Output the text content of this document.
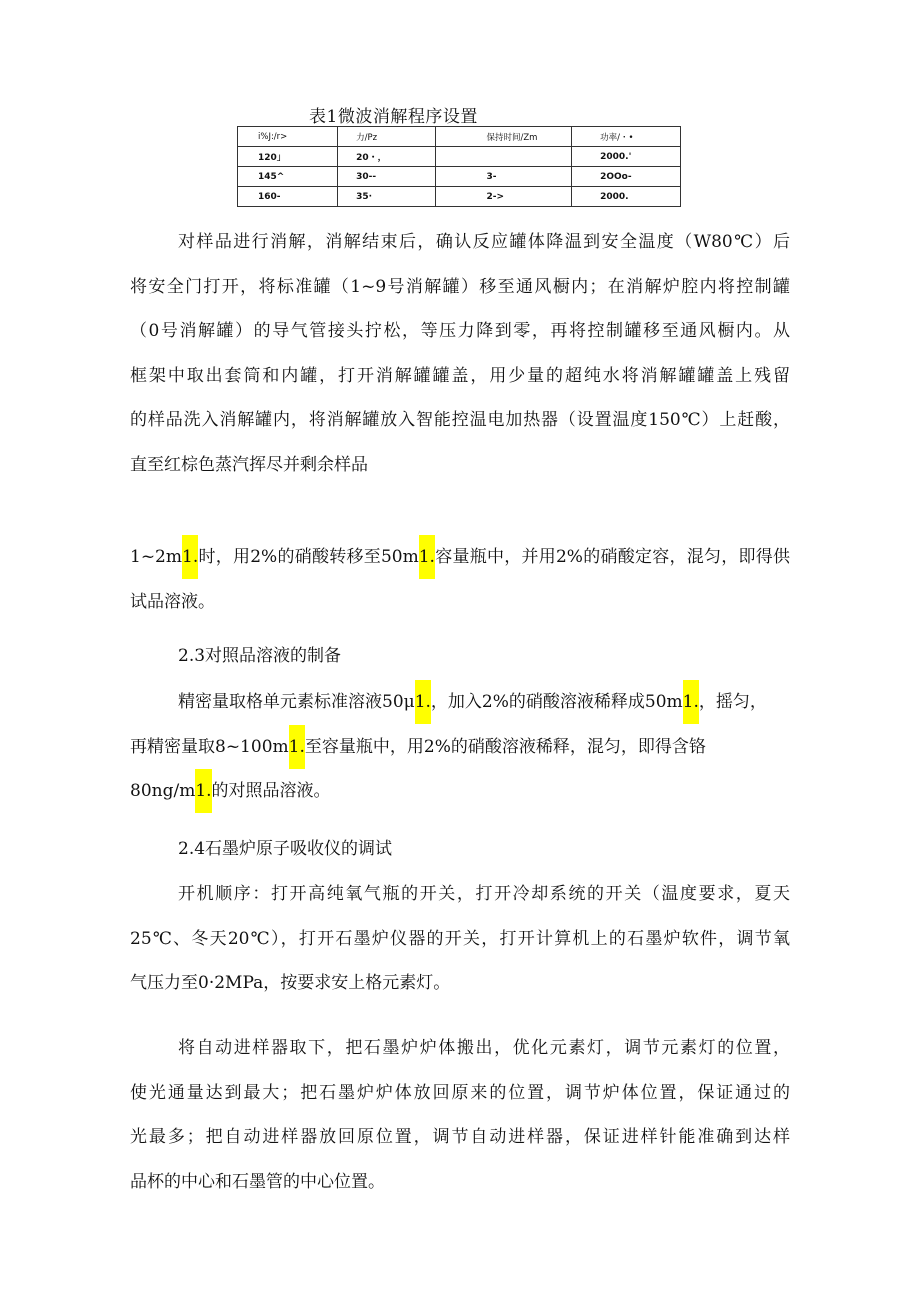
表1微波消解程序设置
i%J:/r>	力/Pz	保持时间/Zm	功率/・•
120」	20・，		2000.'
145^	30--	3-	2OOo-
160-	35·	2->	2000.
对样品进行消解，消解结束后，确认反应罐体降温到安全温度（W80℃）后
将安全门打开，将标准罐（1~9号消解罐）移至通风橱内；在消解炉腔内将控制罐
（0号消解罐）的导气管接头拧松，等压力降到零，再将控制罐移至通风橱内。从
框架中取出套筒和内罐，打开消解罐罐盖，用少量的超纯水将消解罐罐盖上残留
的样品洗入消解罐内，将消解罐放入智能控温电加热器（设置温度150℃）上赶酸，
直至红棕色蒸汽挥尽并剩余样品
1~2m1.时，用2%的硝酸转移至50m1.容量瓶中，并用2%的硝酸定容，混匀，即得供
试品溶液。
2.3对照品溶液的制备
精密量取格单元素标准溶液50μ1.，加入2%的硝酸溶液稀释成50m1.，摇匀，
再精密量取8~100m1.至容量瓶中，用2%的硝酸溶液稀释，混匀，即得含铬
80ng/m1.的对照品溶液。
2.4石墨炉原子吸收仪的调试
开机顺序：打开高纯氧气瓶的开关，打开冷却系统的开关（温度要求，夏天
25℃、冬天20℃），打开石墨炉仪器的开关，打开计算机上的石墨炉软件，调节氧
气压力至0·2MPa，按要求安上格元素灯。
将自动进样器取下，把石墨炉炉体搬出，优化元素灯，调节元素灯的位置，
使光通量达到最大；把石墨炉炉体放回原来的位置，调节炉体位置，保证通过的
光最多；把自动进样器放回原位置，调节自动进样器，保证进样针能准确到达样
品杯的中心和石墨管的中心位置。
